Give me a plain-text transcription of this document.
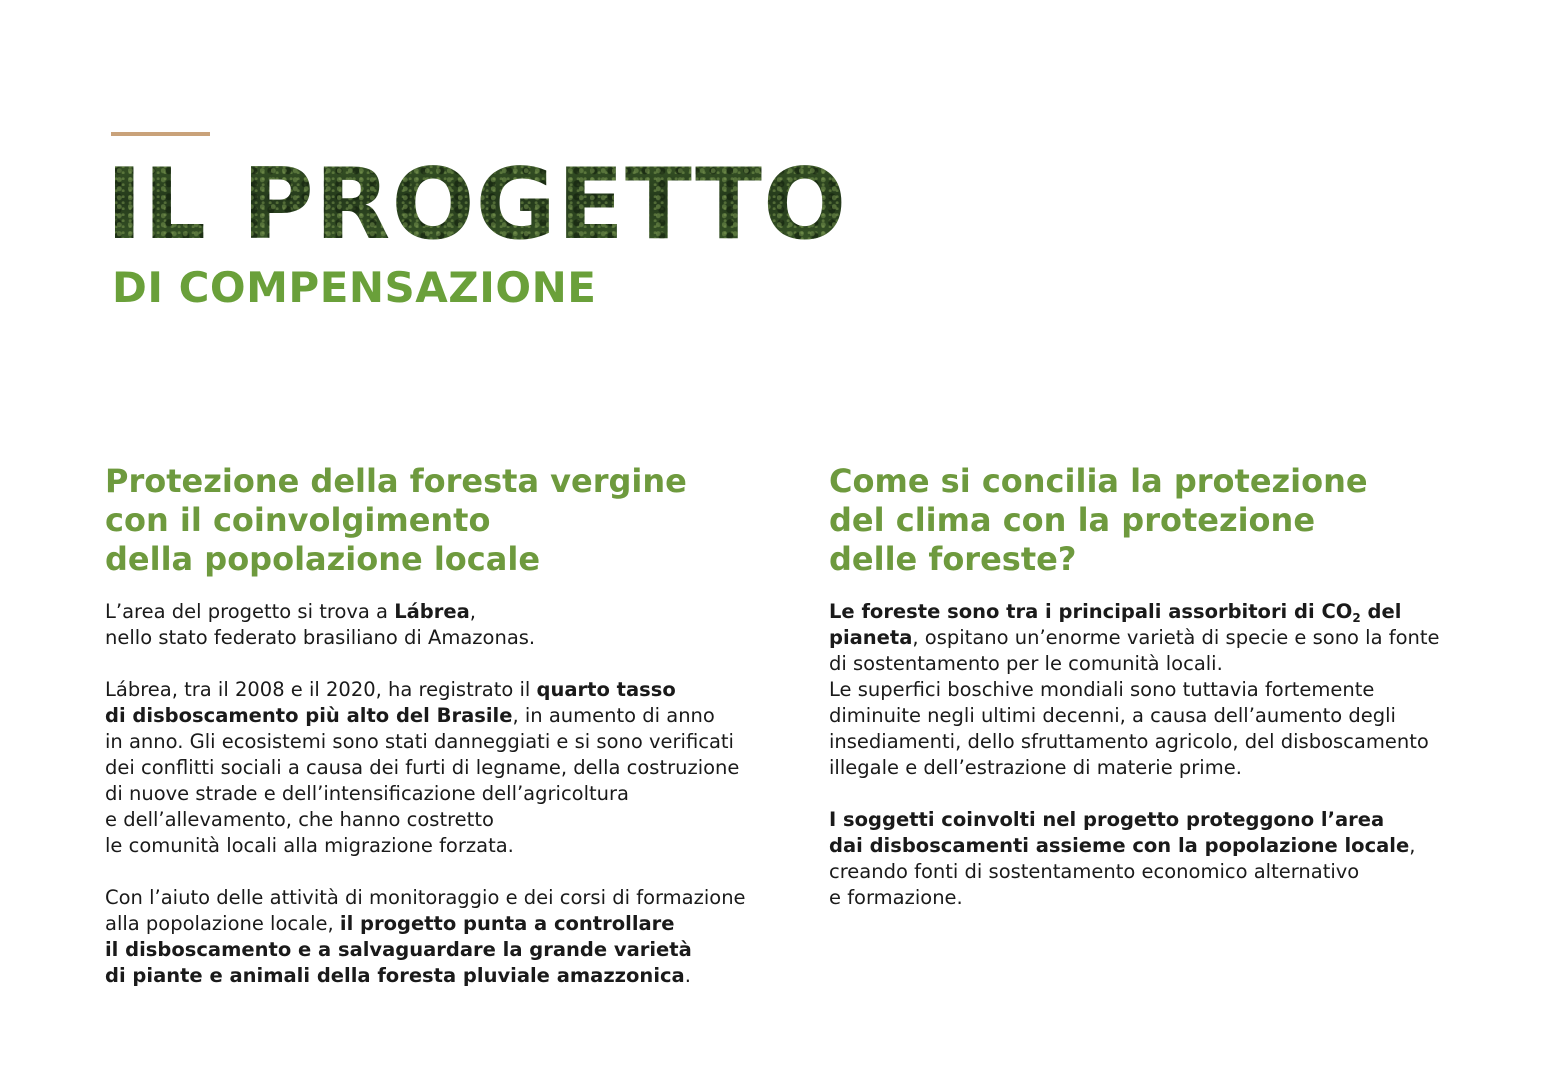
IL PROGETTO
DI COMPENSAZIONE
Protezione della foresta vergine
con il coinvolgimento
della popolazione locale

L’area del progetto si trova a Lábrea,
nello stato federato brasiliano di Amazonas.

Lábrea, tra il 2008 e il 2020, ha registrato il quarto tasso
di disboscamento più alto del Brasile, in aumento di anno
in anno. Gli ecosistemi sono stati danneggiati e si sono verificati
dei conflitti sociali a causa dei furti di legname, della costruzione
di nuove strade e dell’intensificazione dell’agricoltura
e dell’allevamento, che hanno costretto
le comunità locali alla migrazione forzata.

Con l’aiuto delle attività di monitoraggio e dei corsi di formazione
alla popolazione locale, il progetto punta a controllare
il disboscamento e a salvaguardare la grande varietà
di piante e animali della foresta pluviale amazzonica.

Come si concilia la protezione
del clima con la protezione
delle foreste?

Le foreste sono tra i principali assorbitori di $CO_2$ del
pianeta, ospitano un’enorme varietà di specie e sono la fonte
di sostentamento per le comunità locali.
Le superfici boschive mondiali sono tuttavia fortemente
diminuite negli ultimi decenni, a causa dell’aumento degli
insediamenti, dello sfruttamento agricolo, del disboscamento
illegale e dell’estrazione di materie prime.

I soggetti coinvolti nel progetto proteggono l’area
dai disboscamenti assieme con la popolazione locale,
creando fonti di sostentamento economico alternativo
e formazione.
